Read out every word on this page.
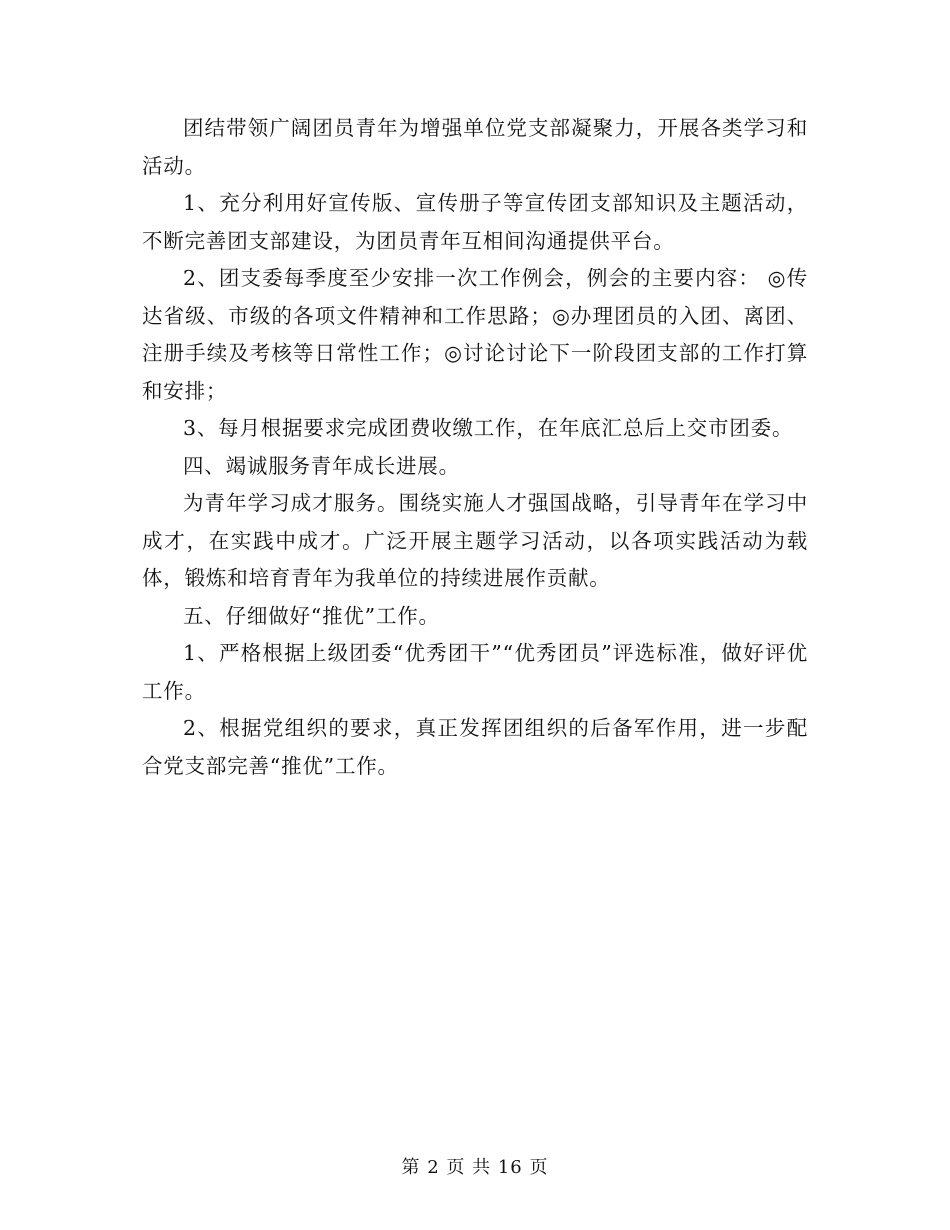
团结带领广阔团员青年为增强单位党支部凝聚力，开展各类学习和活动。

1、充分利用好宣传版、宣传册子等宣传团支部知识及主题活动，不断完善团支部建设，为团员青年互相间沟通提供平台。

2、团支委每季度至少安排一次工作例会，例会的主要内容： ◎传达省级、市级的各项文件精神和工作思路；◎办理团员的入团、离团、注册手续及考核等日常性工作；◎讨论讨论下一阶段团支部的工作打算和安排；

3、每月根据要求完成团费收缴工作，在年底汇总后上交市团委。

四、竭诚服务青年成长进展。

为青年学习成才服务。围绕实施人才强国战略，引导青年在学习中成才，在实践中成才。广泛开展主题学习活动，以各项实践活动为载体，锻炼和培育青年为我单位的持续进展作贡献。

五、仔细做好“推优”工作。

1、严格根据上级团委“优秀团干”“优秀团员”评选标准，做好评优工作。

2、根据党组织的要求，真正发挥团组织的后备军作用，进一步配合党支部完善“推优”工作。

第 2 页 共 16 页
